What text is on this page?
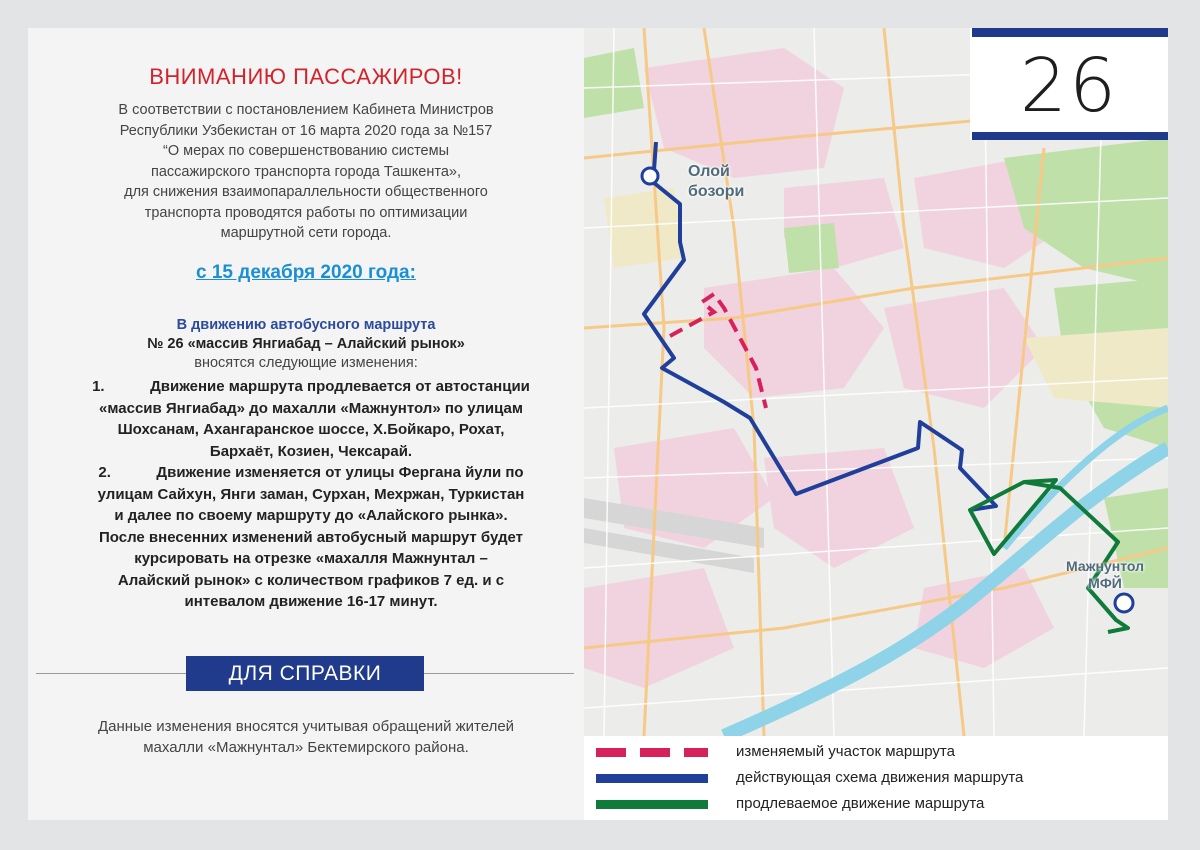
ВНИМАНИЮ ПАССАЖИРОВ!
В соответствии с постановлением Кабинета Министров
Республики Узбекистан от 16 марта 2020 года за №157
“О мерах по совершенствованию системы
пассажирского транспорта города Ташкента»,
для снижения взаимопараллельности общественного
транспорта проводятся работы по оптимизации
маршрутной сети города.
с 15 декабря 2020 года:
В движению автобусного маршрута
№ 26 «массив Янгиабад – Алайский рынок»
вносятся следующие изменения:
1.	Движение маршрута продлевается от автостанции
«массив Янгиабад» до махалли «Мажнунтол» по улицам
Шохсанам, Ахангаранское шоссе, Х.Бойкаро, Рохат,
Бархаёт, Козиен, Чексарай.
2.	Движение изменяется от улицы Фергана йули по
улицам Сайхун, Янги заман, Сурхан, Мехржан, Туркистан
и далее по своему маршруту до «Алайского рынка».
После внесенних изменений автобусный маршрут будет
курсировать на отрезке «махалля Мажнунтал –
Алайский рынок» с количеством графиков 7 ед. и с
интевалом движение 16-17 минут.
ДЛЯ СПРАВКИ
Данные изменения вносятся учитывая обращений жителей
махалли «Мажнунтал» Бектемирского района.
Олой
бозори
Мажнунтол
МФЙ
26
изменяемый участок маршрута
действующая схема движения маршрута
продлеваемое движение маршрута
